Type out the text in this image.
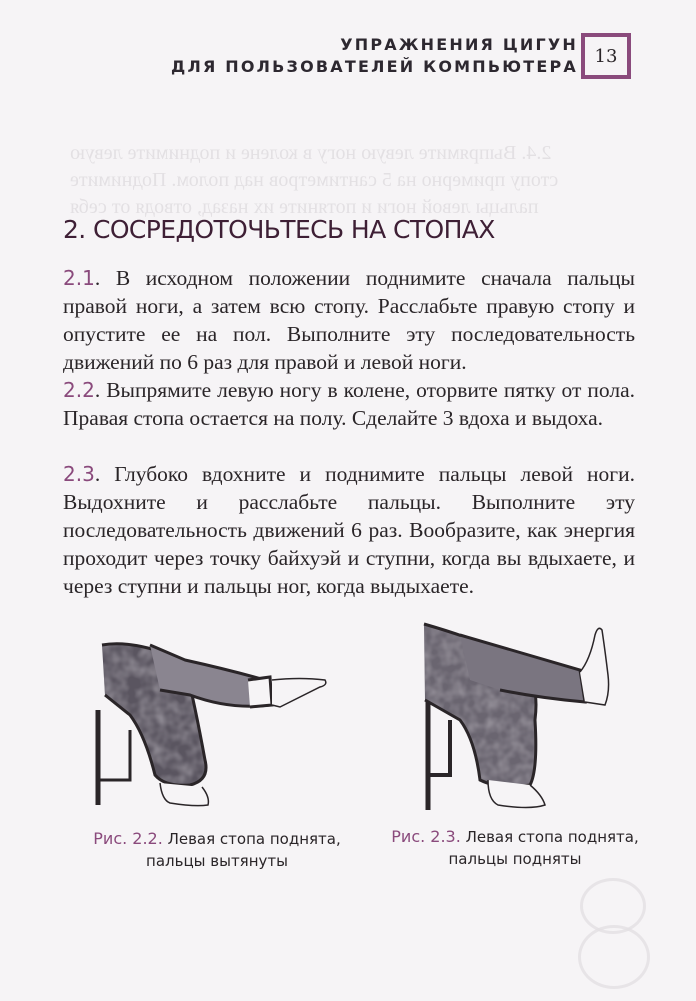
2.4. Выпрямите левую ногу в колене и поднимите левую
стопу примерно на 5 сантиметров над полом. Поднимите
пальцы левой ноги и потяните их назад, отводя от себя
УПРАЖНЕНИЯ ЦИГУН
ДЛЯ ПОЛЬЗОВАТЕЛЕЙ КОМПЬЮТЕРА 13
2. СОСРЕДОТОЧЬТЕСЬ НА СТОПАХ
2.1. В исходном положении поднимите сначала пальцы правой ноги, а затем всю стопу. Расслабьте правую стопу и опустите ее на пол. Выполните эту последовательность движений по 6 раз для правой и левой ноги.
2.2. Выпрямите левую ногу в колене, оторвите пятку от пола. Правая стопа остается на полу. Сделайте 3 вдоха и выдоха.
2.3. Глубоко вдохните и поднимите пальцы левой ноги. Выдохните и расслабьте пальцы. Выполните эту последовательность движений 6 раз. Вообразите, как энергия проходит через точку байхуэй и ступни, когда вы вдыхаете, и через ступни и пальцы ног, когда выдыхаете.
Рис. 2.2. Левая стопа поднята,
пальцы вытянуты
Рис. 2.3. Левая стопа поднята,
пальцы подняты
